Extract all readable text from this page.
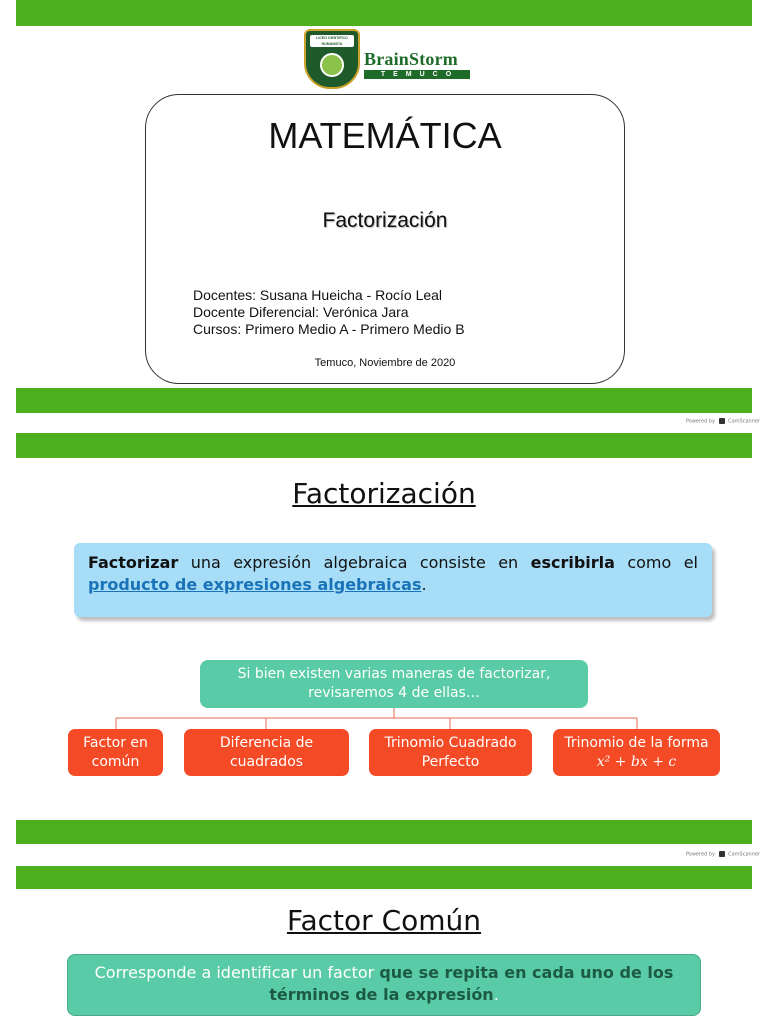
LICEO CIENTIFICO HUMANISTA
BrainStorm
TEMUCO
MATEMÁTICA
Factorización
Docentes: Susana Hueicha - Rocío Leal
Docente Diferencial: Verónica Jara
Cursos: Primero Medio A - Primero Medio B
Temuco, Noviembre de 2020
Powered by	CamScanner
Factorización
Factorizar una expresión algebraica consiste en escribirla como el producto de expresiones algebraicas.
Si bien existen varias maneras de factorizar,
revisaremos 4 de ellas…
Factor en
común
Diferencia de
cuadrados
Trinomio Cuadrado
Perfecto
Trinomio de la forma
x² + bx + c
Powered by	CamScanner
Factor Común
Corresponde a identificar un factor que se repita en cada uno de los
términos de la expresión.
